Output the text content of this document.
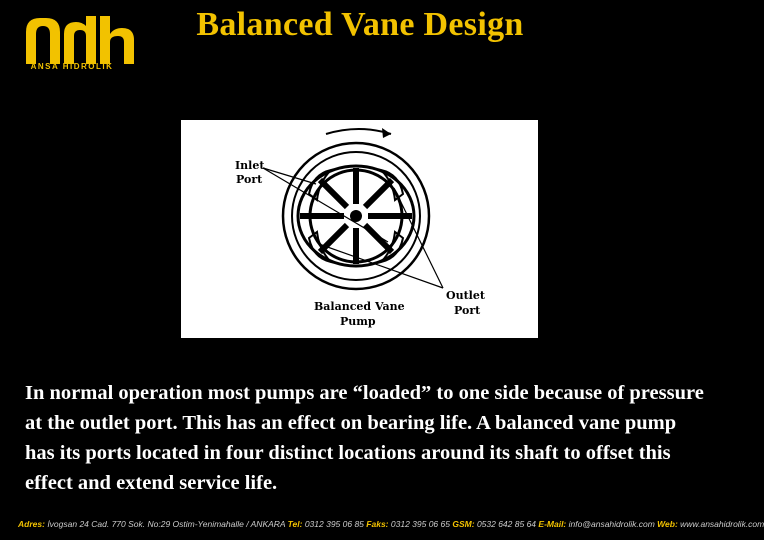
ANSA HİDROLİK
Balanced Vane Design
Inlet
Port
Outlet
Port
Balanced Vane
Pump
In normal operation most pumps are “loaded” to one side because of pressure at the outlet port. This has an effect on bearing life. A balanced vane pump has its ports located in four distinct locations around its shaft to offset this effect and extend service life.
Adres: İvogsan 24 Cad. 770 Sok. No:29 Ostim-Yenimahalle / ANKARA Tel: 0312 395 06 85 Faks: 0312 395 06 65 GSM: 0532 642 85 64 E-Mail: info@ansahidrolik.com Web: www.ansahidrolik.com
